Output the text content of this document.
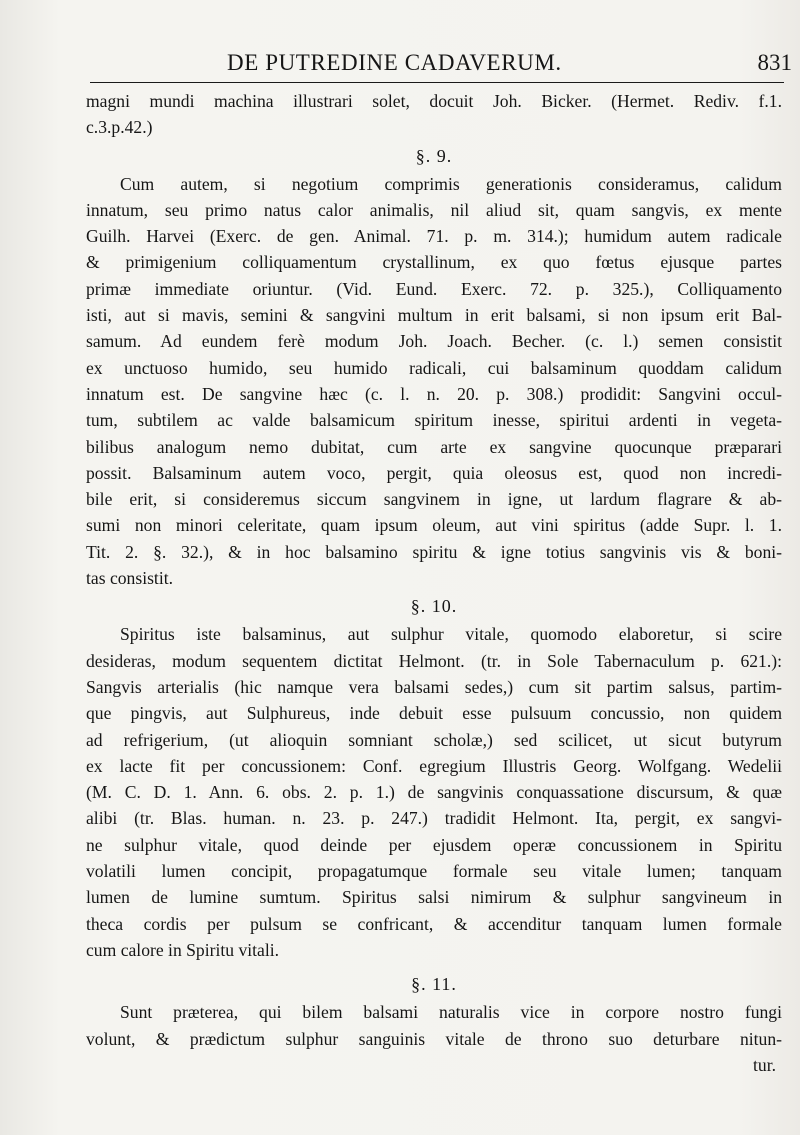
DE PUTREDINE CADAVERUM.	831
magni mundi machina illustrari solet, docuit Joh. Bicker. (Hermet. Rediv. f.1.
c.3.p.42.)
§. 9.
Cum autem, si negotium comprimis generationis consideramus, calidum
innatum, seu primo natus calor animalis, nil aliud sit, quam sangvis, ex mente
Guilh. Harvei (Exerc. de gen. Animal. 71. p. m. 314.); humidum autem radicale
& primigenium colliquamentum crystallinum, ex quo fœtus ejusque partes
primæ immediate oriuntur. (Vid. Eund. Exerc. 72. p. 325.), Colliquamento
isti, aut si mavis, semini & sangvini multum in erit balsami, si non ipsum erit Bal-
samum. Ad eundem ferè modum Joh. Joach. Becher. (c. l.) semen consistit
ex unctuoso humido, seu humido radicali, cui balsaminum quoddam calidum
innatum est. De sangvine hæc (c. l. n. 20. p. 308.) prodidit: Sangvini occul-
tum, subtilem ac valde balsamicum spiritum inesse, spiritui ardenti in vegeta-
bilibus analogum nemo dubitat, cum arte ex sangvine quocunque præparari
possit. Balsaminum autem voco, pergit, quia oleosus est, quod non incredi-
bile erit, si consideremus siccum sangvinem in igne, ut lardum flagrare & ab-
sumi non minori celeritate, quam ipsum oleum, aut vini spiritus (adde Supr. l. 1.
Tit. 2. §. 32.), & in hoc balsamino spiritu & igne totius sangvinis vis & boni-
tas consistit.
§. 10.
Spiritus iste balsaminus, aut sulphur vitale, quomodo elaboretur, si scire
desideras, modum sequentem dictitat Helmont. (tr. in Sole Tabernaculum p. 621.):
Sangvis arterialis (hic namque vera balsami sedes,) cum sit partim salsus, partim-
que pingvis, aut Sulphureus, inde debuit esse pulsuum concussio, non quidem
ad refrigerium, (ut alioquin somniant scholæ,) sed scilicet, ut sicut butyrum
ex lacte fit per concussionem: Conf. egregium Illustris Georg. Wolfgang. Wedelii
(M. C. D. 1. Ann. 6. obs. 2. p. 1.) de sangvinis conquassatione discursum, & quæ
alibi (tr. Blas. human. n. 23. p. 247.) tradidit Helmont. Ita, pergit, ex sangvi-
ne sulphur vitale, quod deinde per ejusdem operæ concussionem in Spiritu
volatili lumen concipit, propagatumque formale seu vitale lumen; tanquam
lumen de lumine sumtum. Spiritus salsi nimirum & sulphur sangvineum in
theca cordis per pulsum se confricant, & accenditur tanquam lumen formale
cum calore in Spiritu vitali.
§. 11.
Sunt præterea, qui bilem balsami naturalis vice in corpore nostro fungi
volunt, & prædictum sulphur sanguinis vitale de throno suo deturbare nitun-
tur.
